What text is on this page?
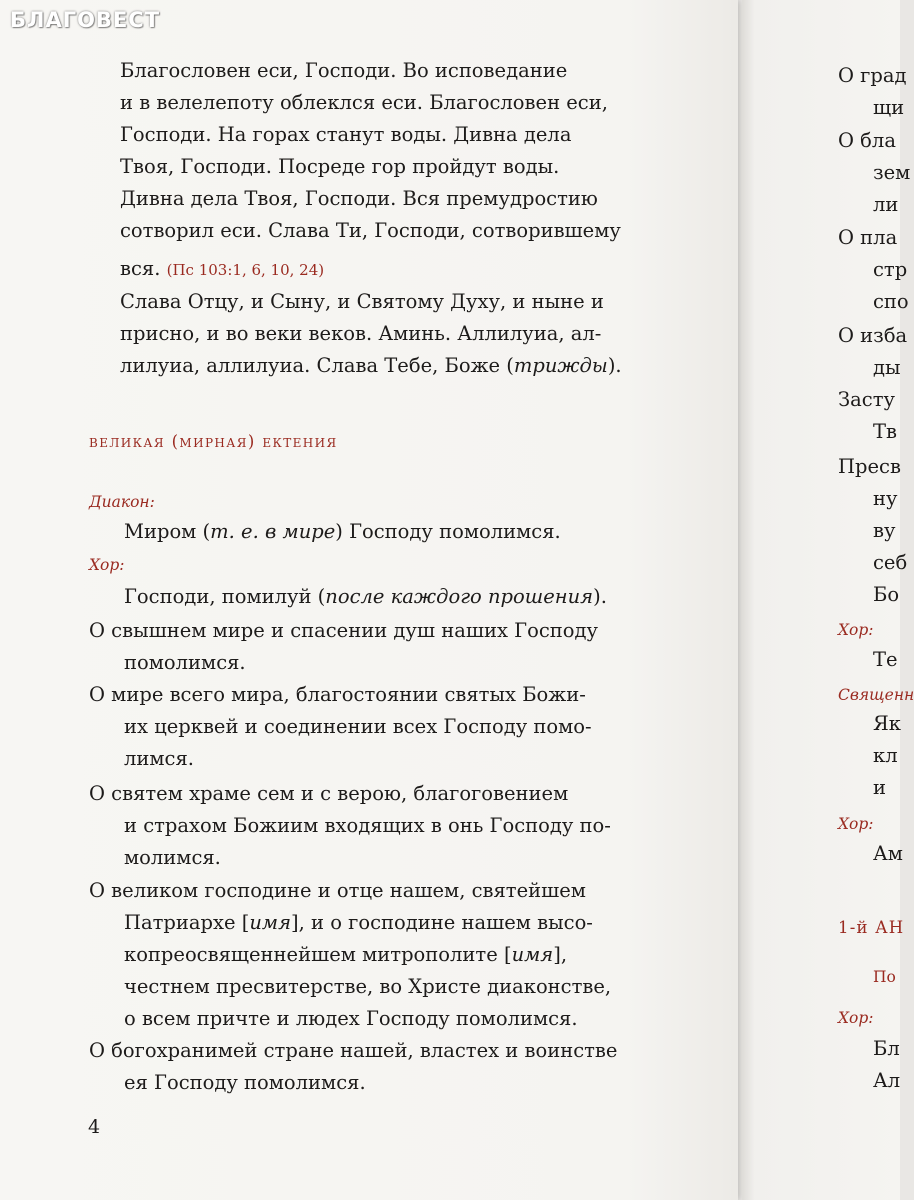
БЛАГОВЕСТ
Благословен еси, Господи. Во исповедание
и в велелепоту облеклся еси. Благословен еси,
Господи. На горах станут воды. Дивна дела
Твоя, Господи. Посреде гор пройдут воды.
Дивна дела Твоя, Господи. Вся премудростию
сотворил еси. Слава Ти, Господи, сотворившему
вся. (Пс 103:1, 6, 10, 24)
Слава Отцу, и Сыну, и Святому Духу, и ныне и
присно, и во веки веков. Аминь. Аллилуиа, ал-
лилуиа, аллилуиа. Слава Тебе, Боже (трижды).
великая (мирная) ектения
Диакон:
Миром (т. е. в мире) Господу помолимся.
Хор:
Господи, помилуй (после каждого прошения).
О свышнем мире и спасении душ наших Господу
помолимся.
О мире всего мира, благостоянии святых Божи-
их церквей и соединении всех Господу помо-
лимся.
О святем храме сем и с верою, благоговением
и страхом Божиим входящих в онь Господу по-
молимся.
О великом господине и отце нашем, святейшем
Патриархе [имя], и о господине нашем высо-
копреосвященнейшем митрополите [имя],
честнем пресвитерстве, во Христе диаконстве,
о всем причте и людех Господу помолимся.
О богохранимей стране нашей, властех и воинстве
ея Господу помолимся.
4
О град
щи
О бла
зем
ли
О пла
стр
спо
О изба
ды
Засту
Тв
Пресв
ну
ву
себ
Бо
Хор:
Те
Священн
Як
кл
и
Хор:
Ам
1-й АН
По
Хор:
Бл
Ал
